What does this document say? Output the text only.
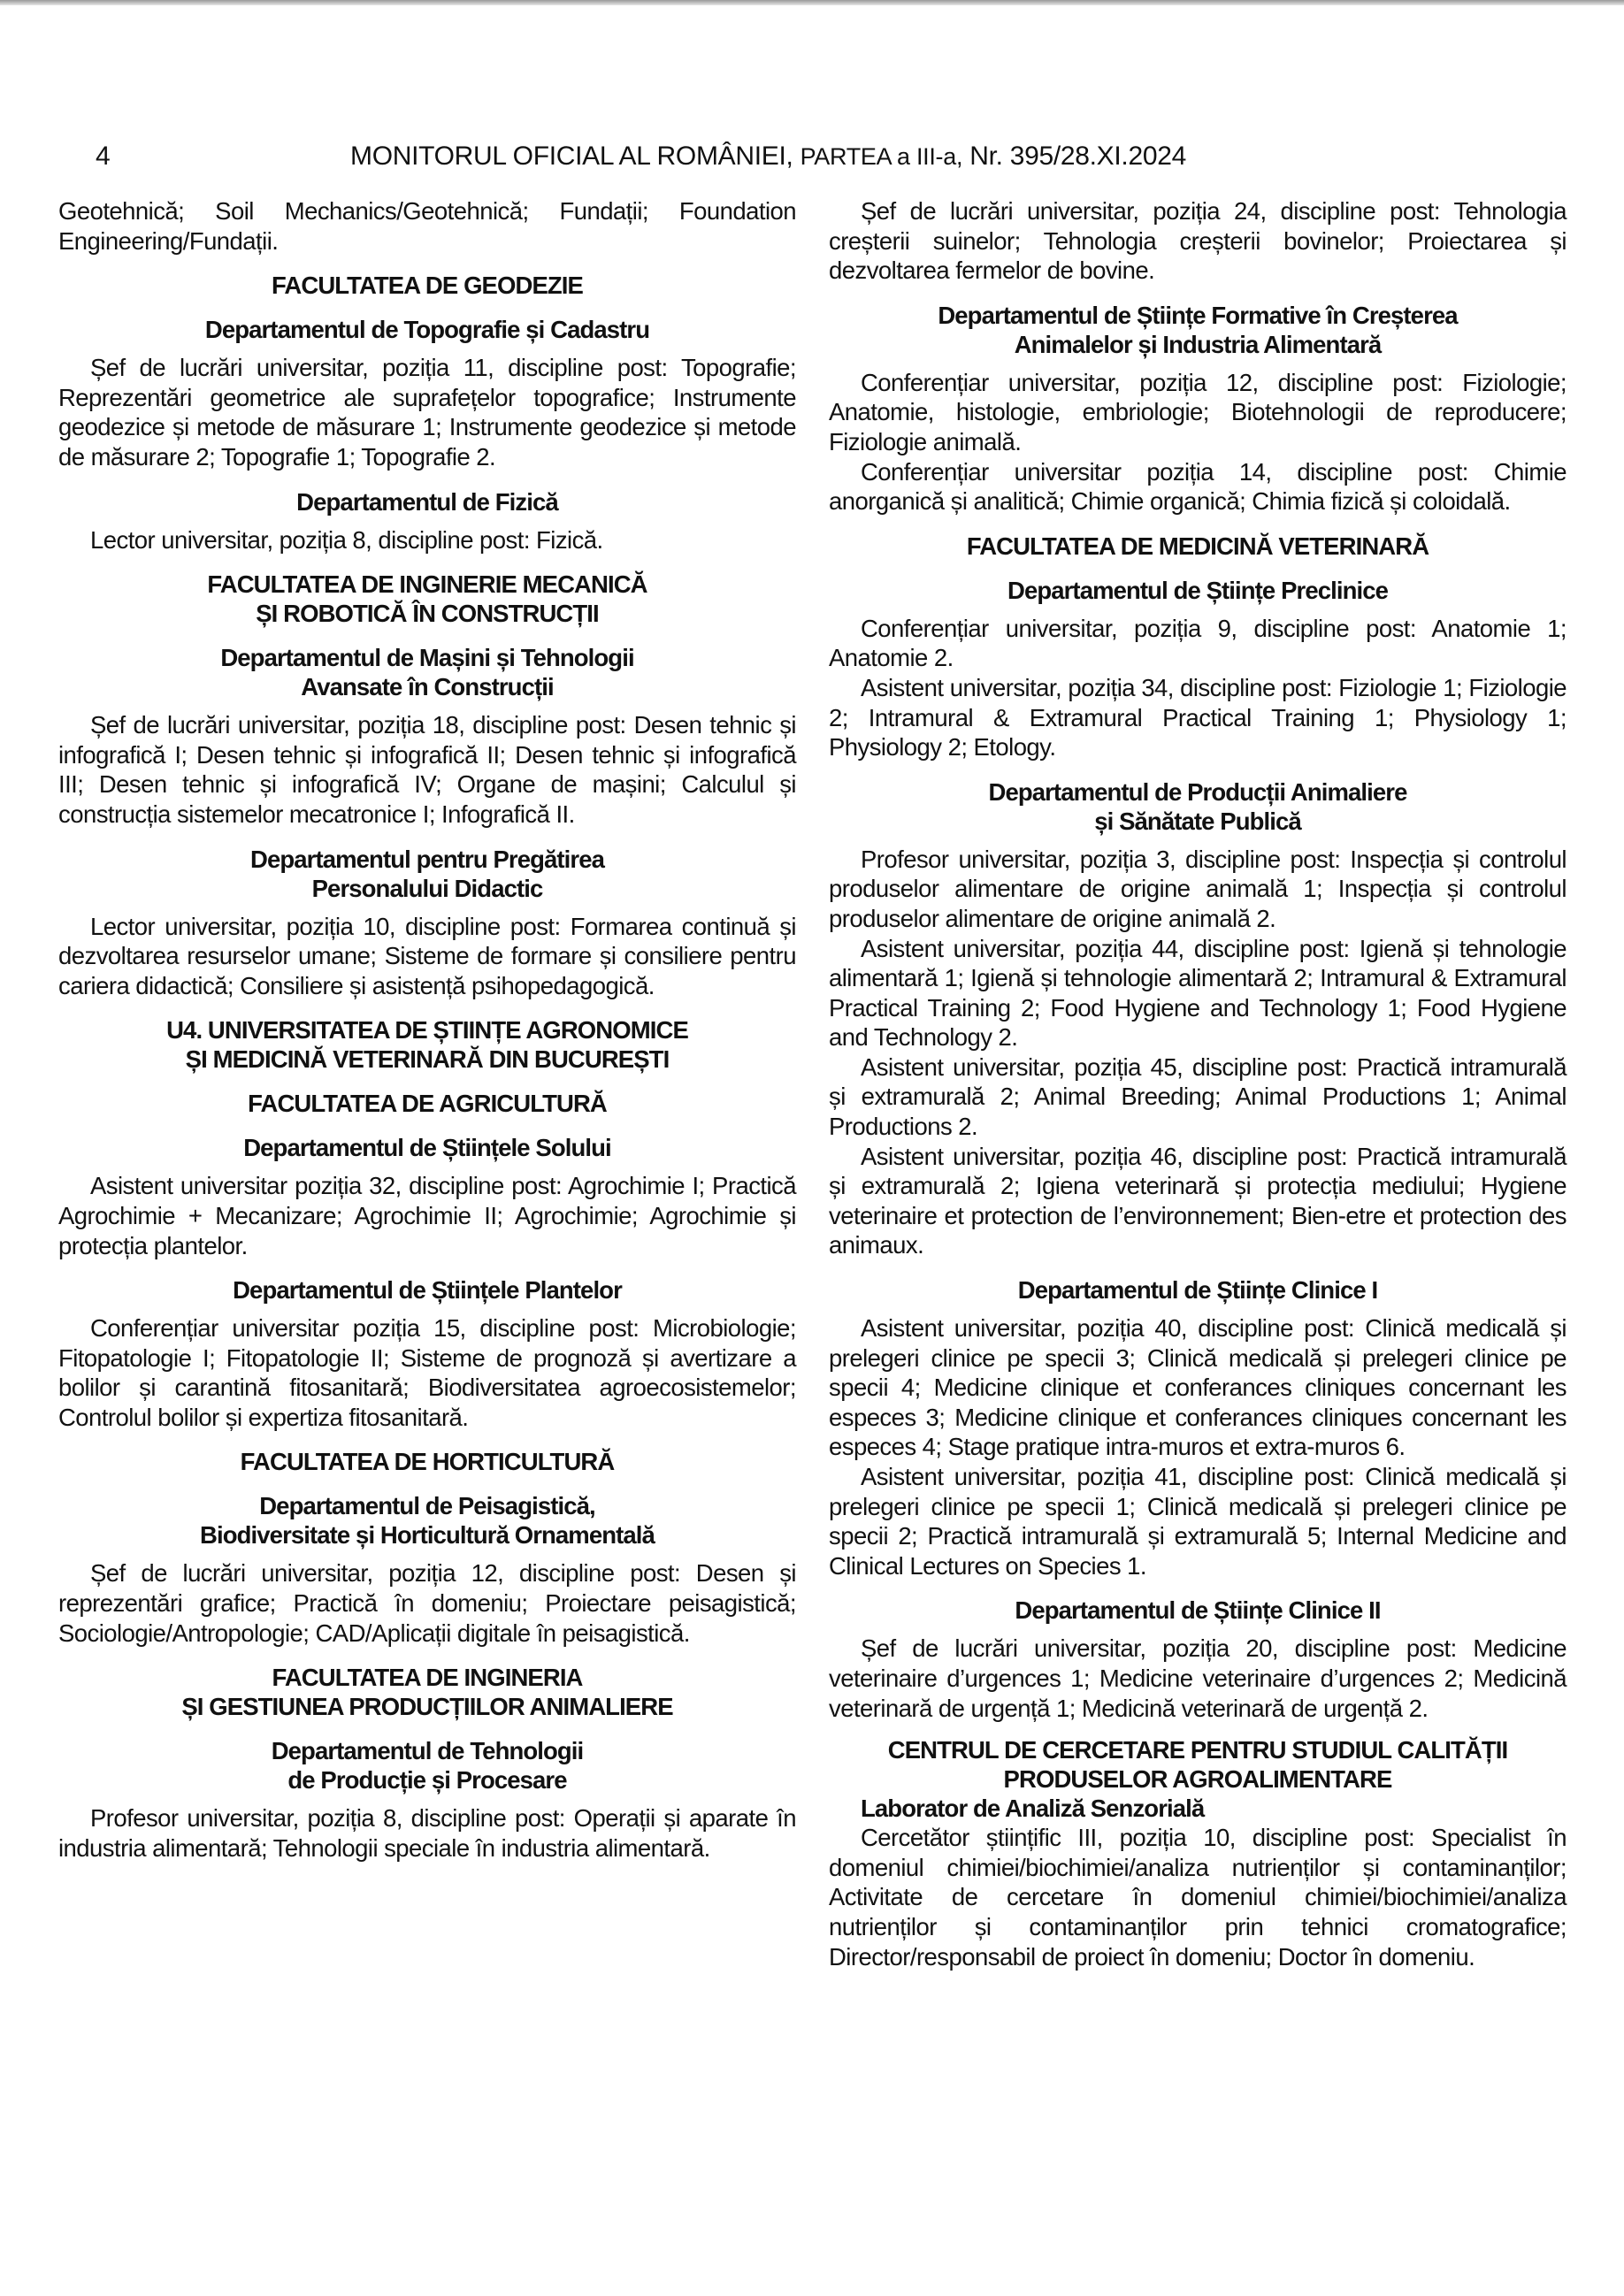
4	MONITORUL OFICIAL AL ROMÂNIEI, PARTEA a III-a, Nr. 395/28.XI.2024
Geotehnică; Soil Mechanics/Geotehnică; Fundații; Foundation Engineering/Fundații.
FACULTATEA DE GEODEZIE
Departamentul de Topografie și Cadastru
Șef de lucrări universitar, poziția 11, discipline post: Topografie; Reprezentări geometrice ale suprafețelor topografice; Instrumente geodezice și metode de măsurare 1; Instrumente geodezice și metode de măsurare 2; Topografie 1; Topografie 2.
Departamentul de Fizică
Lector universitar, poziția 8, discipline post: Fizică.
FACULTATEA DE INGINERIE MECANICĂ
ȘI ROBOTICĂ ÎN CONSTRUCȚII
Departamentul de Mașini și Tehnologii
Avansate în Construcții
Șef de lucrări universitar, poziția 18, discipline post: Desen tehnic și infografică I; Desen tehnic și infografică II; Desen tehnic și infografică III; Desen tehnic și infografică IV; Organe de mașini; Calculul și construcția sistemelor mecatronice I; Infografică II.
Departamentul pentru Pregătirea
Personalului Didactic
Lector universitar, poziția 10, discipline post: Formarea continuă și dezvoltarea resurselor umane; Sisteme de formare și consiliere pentru cariera didactică; Consiliere și asistență psihopedagogică.
U4. UNIVERSITATEA DE ȘTIINȚE AGRONOMICE
ȘI MEDICINĂ VETERINARĂ DIN BUCUREȘTI
FACULTATEA DE AGRICULTURĂ
Departamentul de Științele Solului
Asistent universitar poziția 32, discipline post: Agrochimie I; Practică Agrochimie + Mecanizare; Agrochimie II; Agrochimie; Agrochimie și protecția plantelor.
Departamentul de Științele Plantelor
Conferențiar universitar poziția 15, discipline post: Microbiologie; Fitopatologie I; Fitopatologie II; Sisteme de prognoză și avertizare a bolilor și carantină fitosanitară; Biodiversitatea agroecosistemelor; Controlul bolilor și expertiza fitosanitară.
FACULTATEA DE HORTICULTURĂ
Departamentul de Peisagistică,
Biodiversitate și Horticultură Ornamentală
Șef de lucrări universitar, poziția 12, discipline post: Desen și reprezentări grafice; Practică în domeniu; Proiectare peisagistică; Sociologie/Antropologie; CAD/Aplicații digitale în peisagistică.
FACULTATEA DE INGINERIA
ȘI GESTIUNEA PRODUCȚIILOR ANIMALIERE
Departamentul de Tehnologii
de Producție și Procesare
Profesor universitar, poziția 8, discipline post: Operații și aparate în industria alimentară; Tehnologii speciale în industria alimentară.
Șef de lucrări universitar, poziția 24, discipline post: Tehnologia creșterii suinelor; Tehnologia creșterii bovinelor; Proiectarea și dezvoltarea fermelor de bovine.
Departamentul de Științe Formative în Creșterea
Animalelor și Industria Alimentară
Conferențiar universitar, poziția 12, discipline post: Fiziologie; Anatomie, histologie, embriologie; Biotehnologii de reproducere; Fiziologie animală.
Conferențiar universitar poziția 14, discipline post: Chimie anorganică și analitică; Chimie organică; Chimia fizică și coloidală.
FACULTATEA DE MEDICINĂ VETERINARĂ
Departamentul de Științe Preclinice
Conferențiar universitar, poziția 9, discipline post: Anatomie 1; Anatomie 2.
Asistent universitar, poziția 34, discipline post: Fiziologie 1; Fiziologie 2; Intramural & Extramural Practical Training 1; Physiology 1; Physiology 2; Etology.
Departamentul de Producții Animaliere
și Sănătate Publică
Profesor universitar, poziția 3, discipline post: Inspecția și controlul produselor alimentare de origine animală 1; Inspecția și controlul produselor alimentare de origine animală 2.
Asistent universitar, poziția 44, discipline post: Igienă și tehnologie alimentară 1; Igienă și tehnologie alimentară 2; Intramural & Extramural Practical Training 2; Food Hygiene and Technology 1; Food Hygiene and Technology 2.
Asistent universitar, poziția 45, discipline post: Practică intramurală și extramurală 2; Animal Breeding; Animal Productions 1; Animal Productions 2.
Asistent universitar, poziția 46, discipline post: Practică intramurală și extramurală 2; Igiena veterinară și protecția mediului; Hygiene veterinaire et protection de l’environnement; Bien-etre et protection des animaux.
Departamentul de Științe Clinice I
Asistent universitar, poziția 40, discipline post: Clinică medicală și prelegeri clinice pe specii 3; Clinică medicală și prelegeri clinice pe specii 4; Medicine clinique et conferances cliniques concernant les especes 3; Medicine clinique et conferances cliniques concernant les especes 4; Stage pratique intra-muros et extra-muros 6.
Asistent universitar, poziția 41, discipline post: Clinică medicală și prelegeri clinice pe specii 1; Clinică medicală și prelegeri clinice pe specii 2; Practică intramurală și extramurală 5; Internal Medicine and Clinical Lectures on Species 1.
Departamentul de Științe Clinice II
Șef de lucrări universitar, poziția 20, discipline post: Medicine veterinaire d’urgences 1; Medicine veterinaire d’urgences 2; Medicină veterinară de urgență 1; Medicină veterinară de urgență 2.
CENTRUL DE CERCETARE PENTRU STUDIUL CALITĂȚII
PRODUSELOR AGROALIMENTARE
Laborator de Analiză Senzorială
Cercetător științific III, poziția 10, discipline post: Specialist în domeniul chimiei/biochimiei/analiza nutrienților și contaminanților; Activitate de cercetare în domeniul chimiei/biochimiei/analiza nutrienților și contaminanților prin tehnici cromatografice; Director/responsabil de proiect în domeniu; Doctor în domeniu.
